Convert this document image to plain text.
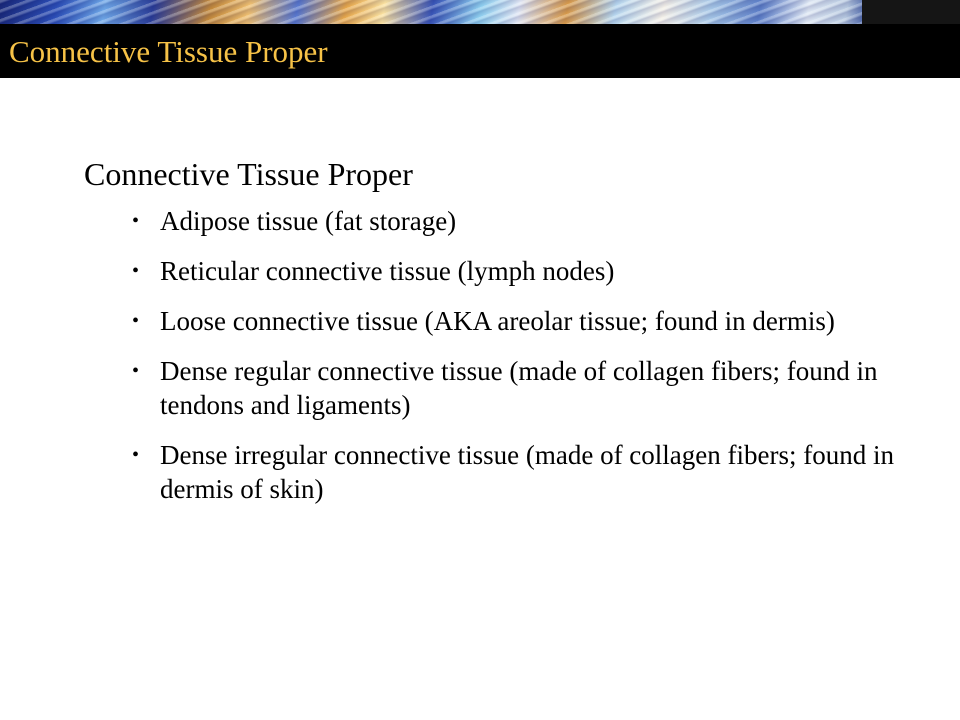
Connective Tissue Proper
Connective Tissue Proper
• Adipose tissue (fat storage)
• Reticular connective tissue (lymph nodes)
• Loose connective tissue (AKA areolar tissue; found in dermis)
• Dense regular connective tissue (made of collagen fibers; found in tendons and ligaments)
• Dense irregular connective tissue (made of collagen fibers; found in dermis of skin)
